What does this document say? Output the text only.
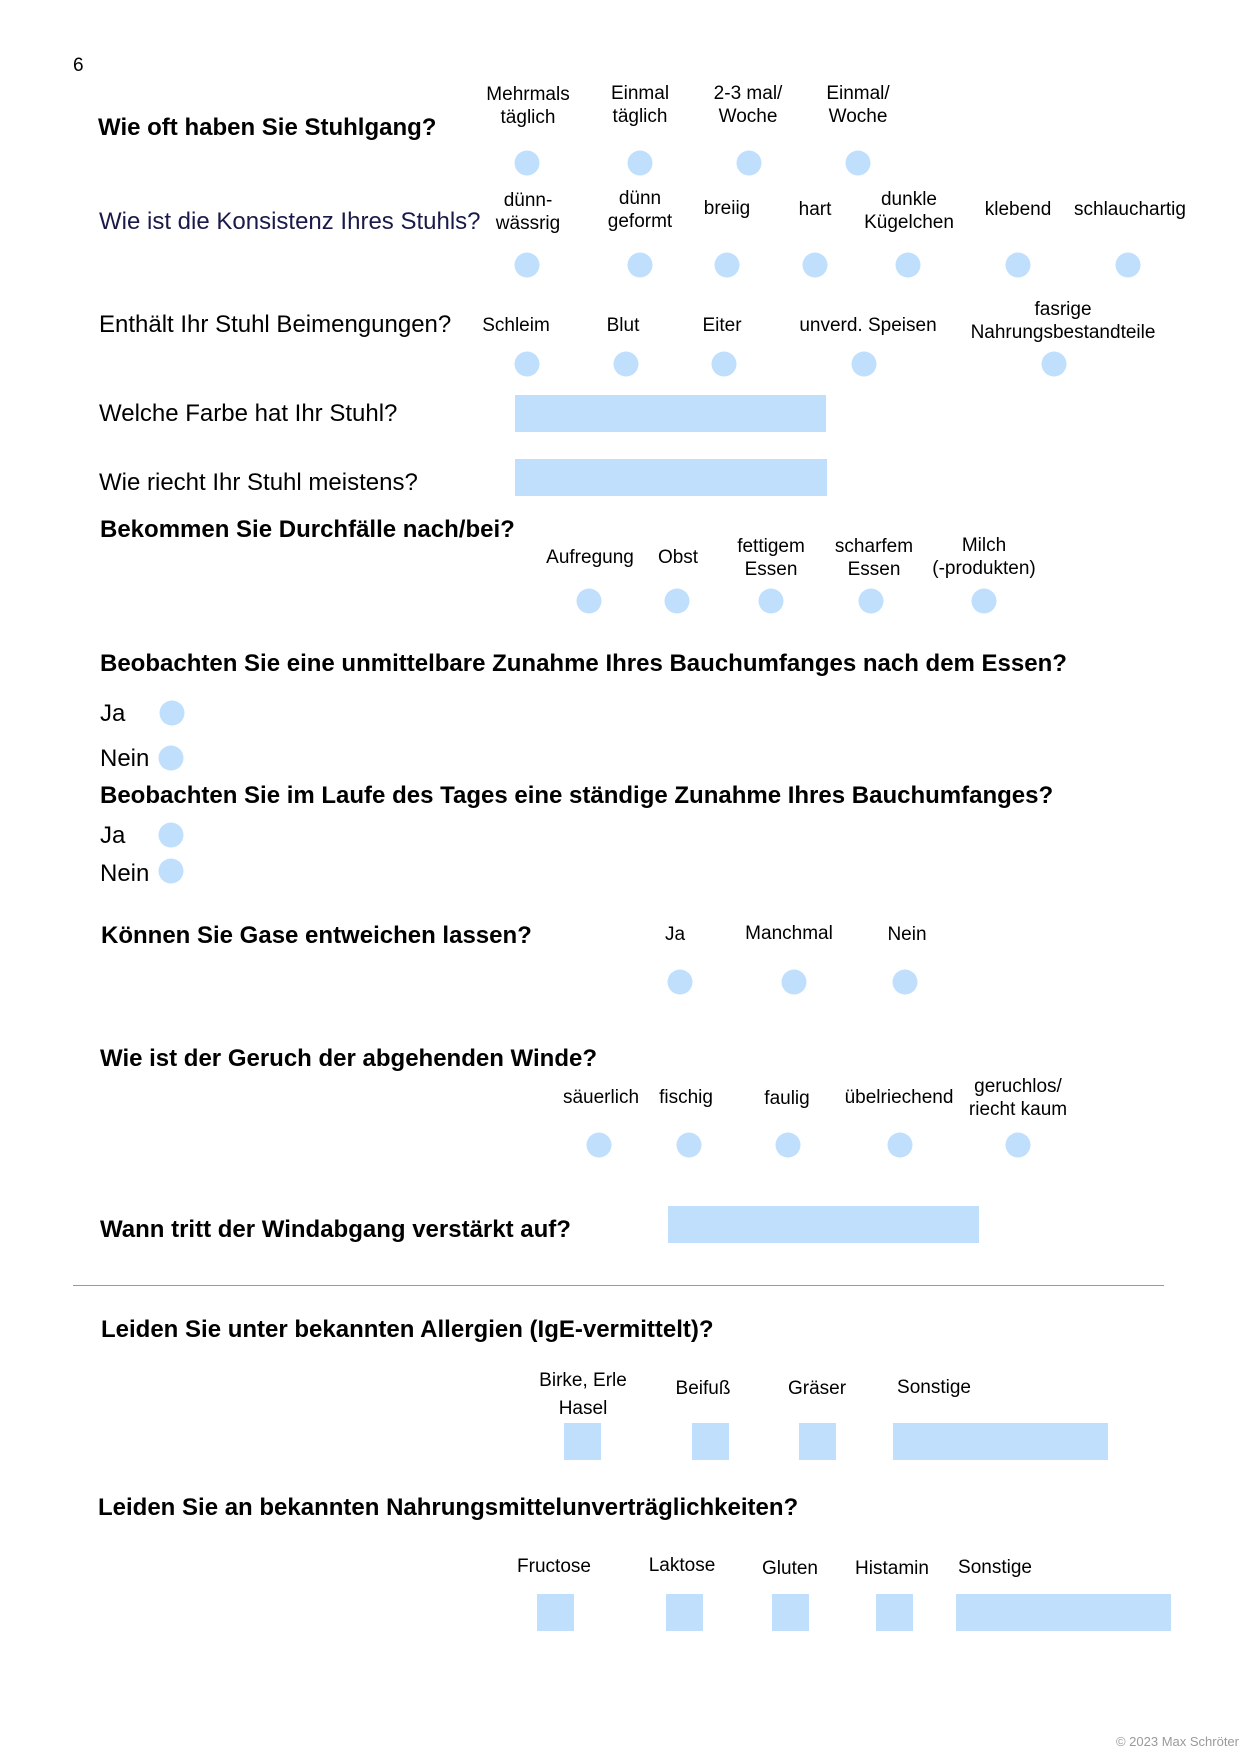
6
Wie oft haben Sie Stuhlgang?
Mehrmals
täglich
Einmal
täglich
2-3 mal/
Woche
Einmal/
Woche
Wie ist die Konsistenz Ihres Stuhls?
dünn-
wässrig
dünn
geformt
breiig	hart	dunkle
Kügelchen
klebend schlauchartig
Enthält Ihr Stuhl Beimengungen? Schleim	Blut	Eiter	unverd. Speisen
fasrige
Nahrungsbestandteile
Welche Farbe hat Ihr Stuhl?
Wie riecht Ihr Stuhl meistens?
Bekommen Sie Durchfälle nach/bei?
Aufregung Obst
fettigem
Essen
scharfem
Essen
Milch
(-produkten)
Beobachten Sie eine unmittelbare Zunahme Ihres Bauchumfanges nach dem Essen?
Ja
Nein
Beobachten Sie im Laufe des Tages eine ständige Zunahme Ihres Bauchumfanges?
Ja
Nein
Können Sie Gase entweichen lassen?	Ja	Manchmal	Nein
Wie ist der Geruch der abgehenden Winde?
säuerlich fischig	faulig übelriechend
geruchlos/
riecht kaum
Wann tritt der Windabgang verstärkt auf?
Leiden Sie unter bekannten Allergien (IgE-vermittelt)?
Birke, Erle
Hasel
Beifuß	Gräser	Sonstige
Leiden Sie an bekannten Nahrungsmittelunverträglichkeiten?
Fructose	Laktose Gluten Histamin Sonstige
© 2023 Max Schröter
